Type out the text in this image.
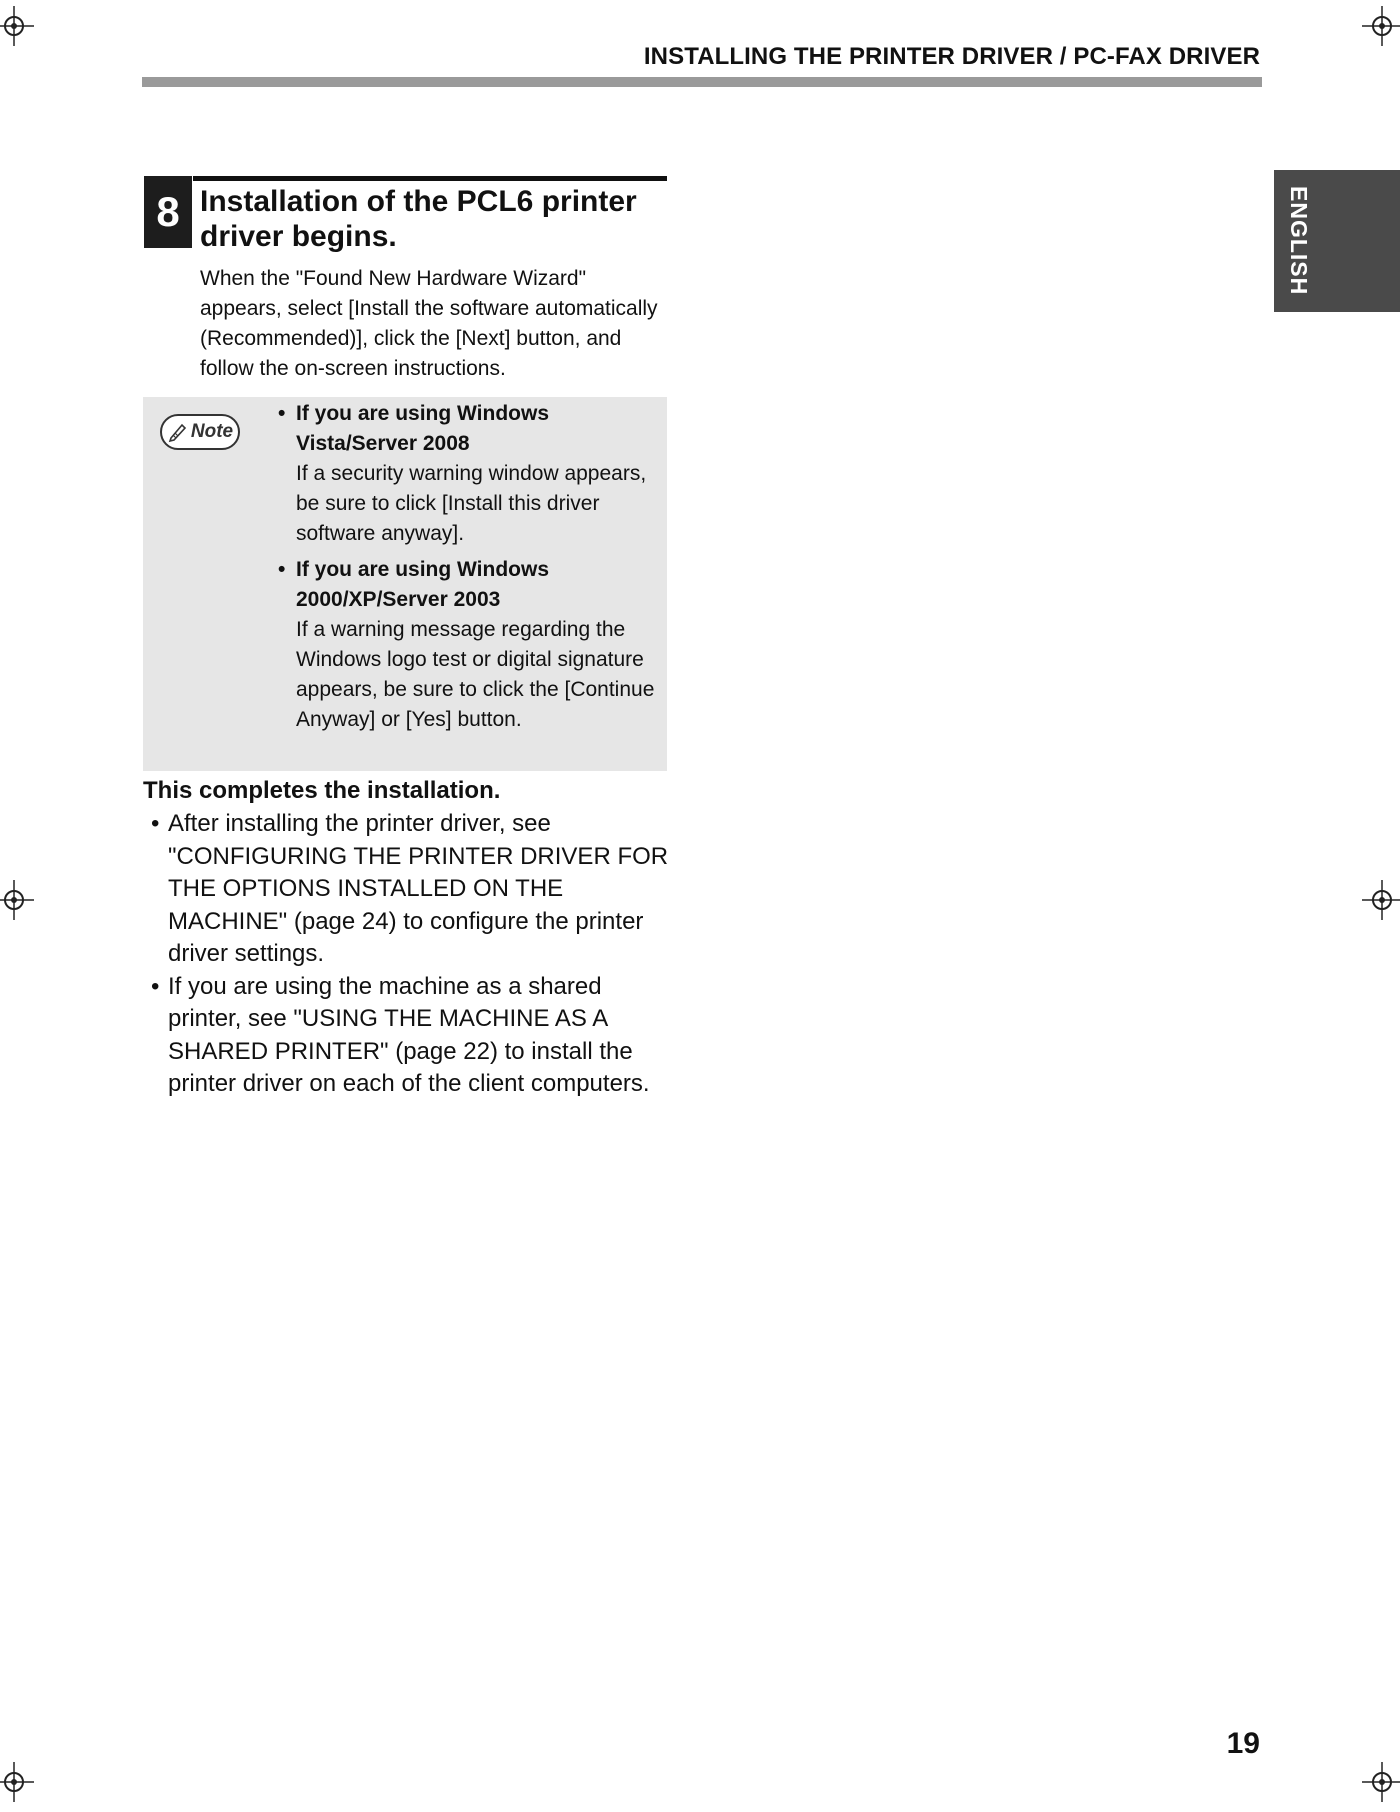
INSTALLING THE PRINTER DRIVER / PC-FAX DRIVER
ENGLISH
8 Installation of the PCL6 printer driver begins.
When the "Found New Hardware Wizard" appears, select [Install the software automatically (Recommended)], click the [Next] button, and follow the on-screen instructions.
Note
• If you are using Windows Vista/Server 2008
If a security warning window appears, be sure to click [Install this driver software anyway].
• If you are using Windows 2000/XP/Server 2003
If a warning message regarding the Windows logo test or digital signature appears, be sure to click the [Continue Anyway] or [Yes] button.
This completes the installation.
• After installing the printer driver, see "CONFIGURING THE PRINTER DRIVER FOR THE OPTIONS INSTALLED ON THE MACHINE" (page 24) to configure the printer driver settings.
• If you are using the machine as a shared printer, see "USING THE MACHINE AS A SHARED PRINTER" (page 22) to install the printer driver on each of the client computers.
19
